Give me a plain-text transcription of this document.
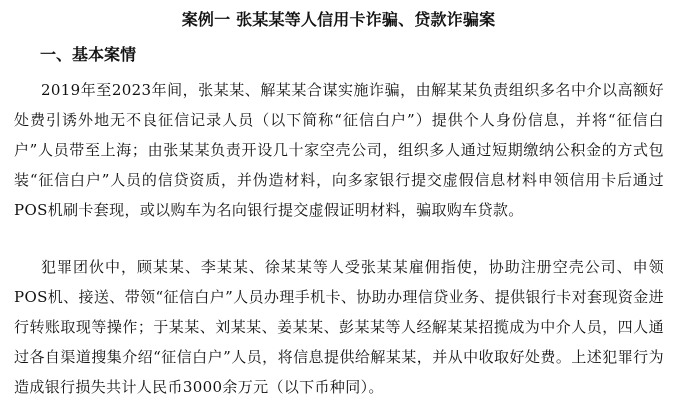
案例一 张某某等人信用卡诈骗、贷款诈骗案
一、基本案情

2019年至2023年间，张某某、解某某合谋实施诈骗，由解某某负责组织多名中介以高额好处费引诱外地无不良征信记录人员（以下简称“征信白户”）提供个人身份信息，并将“征信白户”人员带至上海；由张某某负责开设几十家空壳公司，组织多人通过短期缴纳公积金的方式包装“征信白户”人员的信贷资质，并伪造材料，向多家银行提交虚假信息材料申领信用卡后通过POS机刷卡套现，或以购车为名向银行提交虚假证明材料，骗取购车贷款。

犯罪团伙中，顾某某、李某某、徐某某等人受张某某雇佣指使，协助注册空壳公司、申领POS机、接送、带领“征信白户”人员办理手机卡、协助办理信贷业务、提供银行卡对套现资金进行转账取现等操作；于某某、刘某某、姜某某、彭某某等人经解某某招揽成为中介人员，四人通过各自渠道搜集介绍“征信白户”人员，将信息提供给解某某，并从中收取好处费。上述犯罪行为造成银行损失共计人民币3000余万元（以下币种同）。
